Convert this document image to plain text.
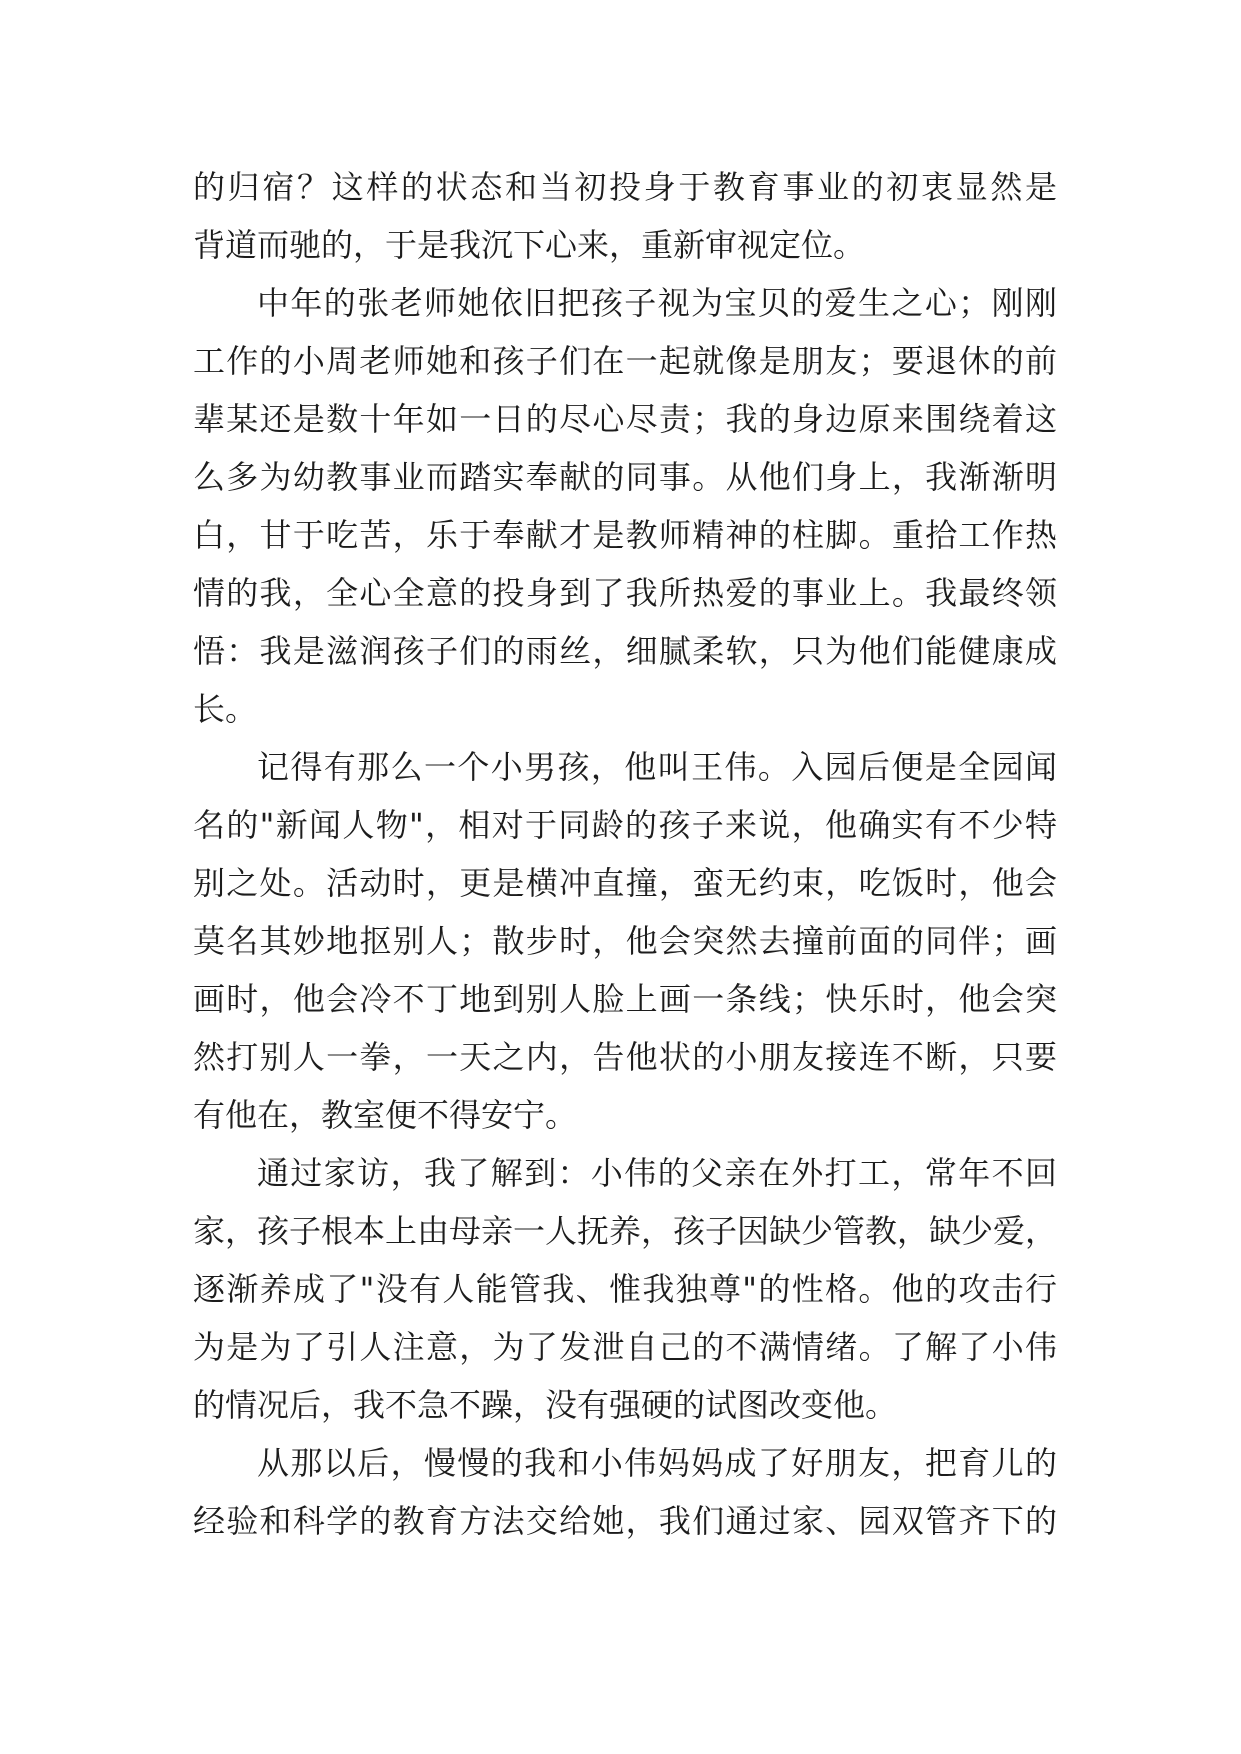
的归宿？这样的状态和当初投身于教育事业的初衷显然是
背道而驰的，于是我沉下心来，重新审视定位。
中年的张老师她依旧把孩子视为宝贝的爱生之心；刚刚
工作的小周老师她和孩子们在一起就像是朋友；要退休的前
辈某还是数十年如一日的尽心尽责；我的身边原来围绕着这
么多为幼教事业而踏实奉献的同事。从他们身上，我渐渐明
白，甘于吃苦，乐于奉献才是教师精神的柱脚。重拾工作热
情的我，全心全意的投身到了我所热爱的事业上。我最终领
悟：我是滋润孩子们的雨丝，细腻柔软，只为他们能健康成
长。
记得有那么一个小男孩，他叫王伟。入园后便是全园闻
名的"新闻人物"，相对于同龄的孩子来说，他确实有不少特
别之处。活动时，更是横冲直撞，蛮无约束，吃饭时，他会
莫名其妙地抠别人；散步时，他会突然去撞前面的同伴；画
画时，他会冷不丁地到别人脸上画一条线；快乐时，他会突
然打别人一拳，一天之内，告他状的小朋友接连不断，只要
有他在，教室便不得安宁。
通过家访，我了解到：小伟的父亲在外打工，常年不回
家，孩子根本上由母亲一人抚养，孩子因缺少管教，缺少爱，
逐渐养成了"没有人能管我、惟我独尊"的性格。他的攻击行
为是为了引人注意，为了发泄自己的不满情绪。了解了小伟
的情况后，我不急不躁，没有强硬的试图改变他。
从那以后，慢慢的我和小伟妈妈成了好朋友，把育儿的
经验和科学的教育方法交给她，我们通过家、园双管齐下的
